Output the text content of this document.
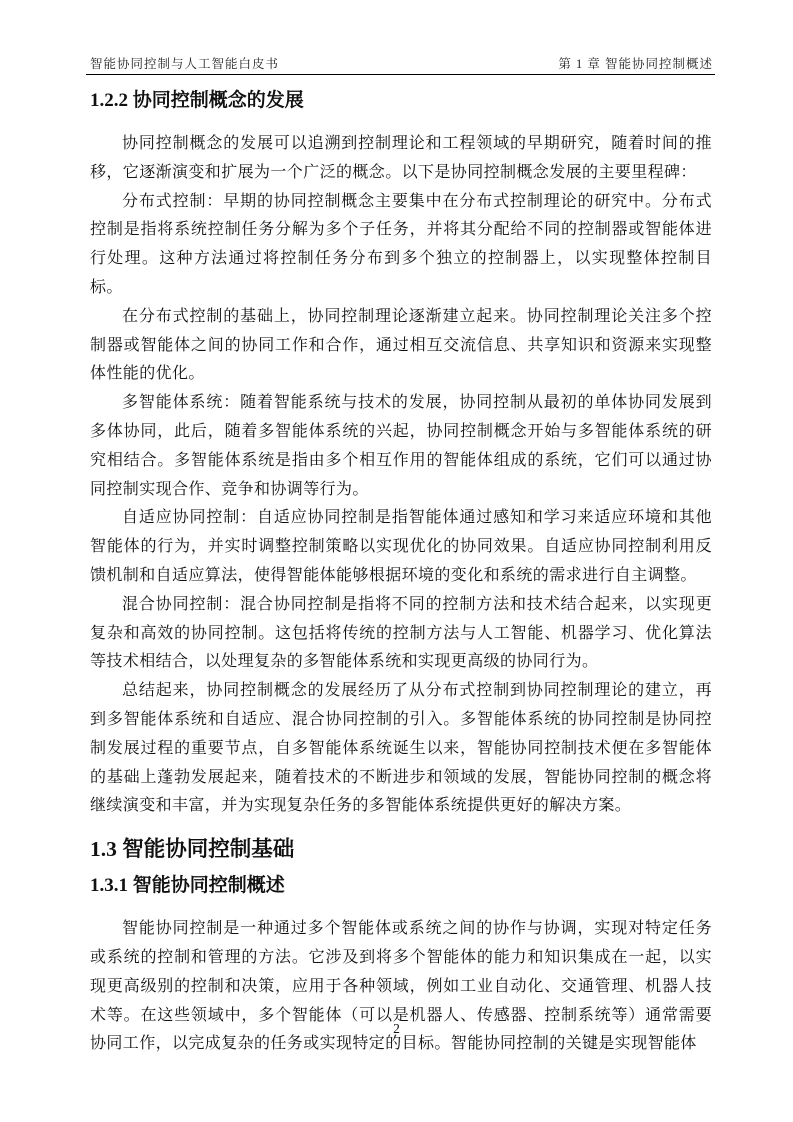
智能协同控制与人工智能白皮书	第 1 章 智能协同控制概述
1.2.2 协同控制概念的发展

协同控制概念的发展可以追溯到控制理论和工程领域的早期研究，随着时间的推移，它逐渐演变和扩展为一个广泛的概念。以下是协同控制概念发展的主要里程碑：

分布式控制：早期的协同控制概念主要集中在分布式控制理论的研究中。分布式控制是指将系统控制任务分解为多个子任务，并将其分配给不同的控制器或智能体进行处理。这种方法通过将控制任务分布到多个独立的控制器上，以实现整体控制目标。

在分布式控制的基础上，协同控制理论逐渐建立起来。协同控制理论关注多个控制器或智能体之间的协同工作和合作，通过相互交流信息、共享知识和资源来实现整体性能的优化。

多智能体系统：随着智能系统与技术的发展，协同控制从最初的单体协同发展到多体协同，此后，随着多智能体系统的兴起，协同控制概念开始与多智能体系统的研究相结合。多智能体系统是指由多个相互作用的智能体组成的系统，它们可以通过协同控制实现合作、竞争和协调等行为。

自适应协同控制：自适应协同控制是指智能体通过感知和学习来适应环境和其他智能体的行为，并实时调整控制策略以实现优化的协同效果。自适应协同控制利用反馈机制和自适应算法，使得智能体能够根据环境的变化和系统的需求进行自主调整。

混合协同控制：混合协同控制是指将不同的控制方法和技术结合起来，以实现更复杂和高效的协同控制。这包括将传统的控制方法与人工智能、机器学习、优化算法等技术相结合，以处理复杂的多智能体系统和实现更高级的协同行为。

总结起来，协同控制概念的发展经历了从分布式控制到协同控制理论的建立，再到多智能体系统和自适应、混合协同控制的引入。多智能体系统的协同控制是协同控制发展过程的重要节点，自多智能体系统诞生以来，智能协同控制技术便在多智能体的基础上蓬勃发展起来，随着技术的不断进步和领域的发展，智能协同控制的概念将继续演变和丰富，并为实现复杂任务的多智能体系统提供更好的解决方案。

1.3 智能协同控制基础
1.3.1 智能协同控制概述

智能协同控制是一种通过多个智能体或系统之间的协作与协调，实现对特定任务或系统的控制和管理的方法。它涉及到将多个智能体的能力和知识集成在一起，以实现更高级别的控制和决策，应用于各种领域，例如工业自动化、交通管理、机器人技术等。在这些领域中，多个智能体（可以是机器人、传感器、控制系统等）通常需要协同工作，以完成复杂的任务或实现特定的目标。智能协同控制的关键是实现智能体

2
